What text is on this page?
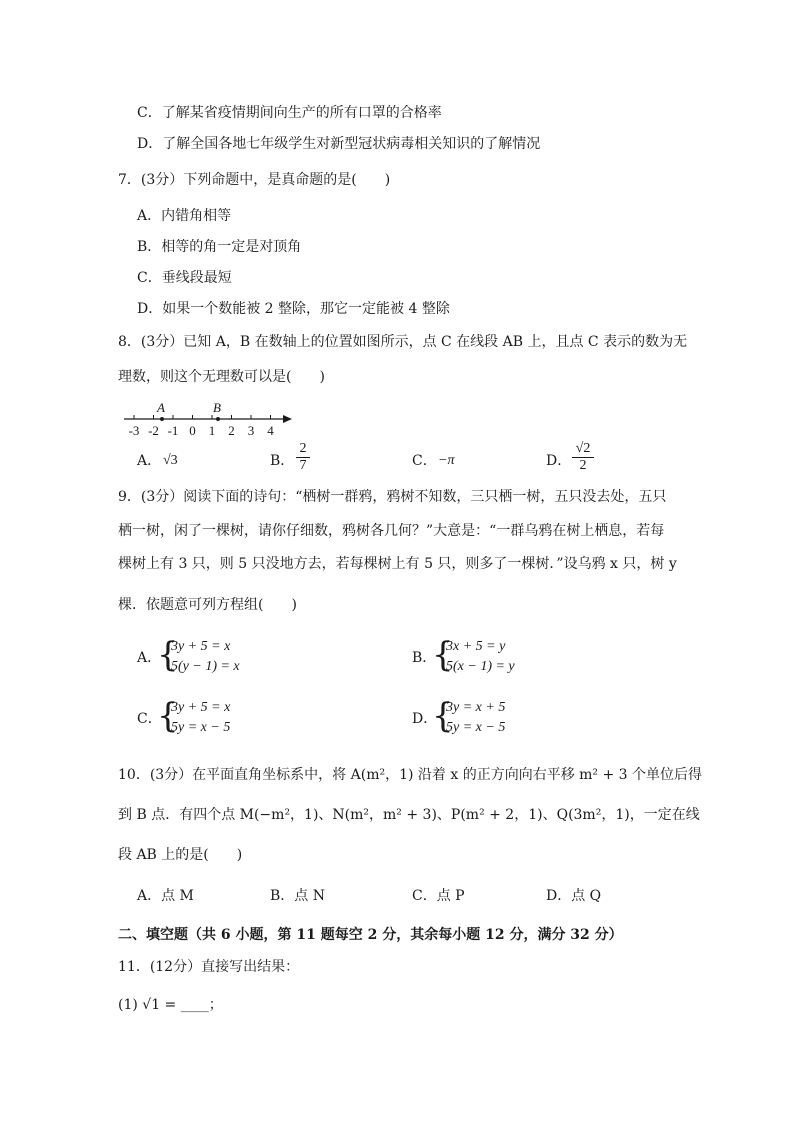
C．了解某省疫情期间向生产的所有口罩的合格率
D．了解全国各地七年级学生对新型冠状病毒相关知识的了解情况
7．(3分）下列命题中，是真命题的是(　　)
A．内错角相等
B．相等的角一定是对顶角
C．垂线段最短
D．如果一个数能被 2 整除，那它一定能被 4 整除
8．(3分）已知 A，B 在数轴上的位置如图所示，点 C 在线段 AB 上，且点 C 表示的数为无
理数，则这个无理数可以是(　　)
-3 -2 -1 0 1 2 3 4
A	B
A． √3	B．
2
7	C． −π	D．
√2
2
9．(3分）阅读下面的诗句：“栖树一群鸦，鸦树不知数，三只栖一树，五只没去处，五只
栖一树，闲了一棵树，请你仔细数，鸦树各几何？”大意是：“一群乌鸦在树上栖息，若每
棵树上有 3 只，则 5 只没地方去，若每棵树上有 5 只，则多了一棵树．”设乌鸦 x 只，树 y
棵．依题意可列方程组(　　)
A．
{
3y + 5 = x
5(y − 1) = x
B．
{
3x + 5 = y
5(x − 1) = y
C．
{
3y + 5 = x
5y = x − 5
D．
{
3y = x + 5
5y = x − 5
10．(3分）在平面直角坐标系中，将 A(m²，1) 沿着 x 的正方向向右平移 m² + 3 个单位后得
到 B 点．有四个点 M(−m²，1)、N(m²，m² + 3)、P(m² + 2，1)、Q(3m²，1)，一定在线
段 AB 上的是(　　)
A．点 M	B．点 N	C．点 P	D．点 Q
二、填空题（共 6 小题，第 11 题每空 2 分，其余每小题 12 分，满分 32 分）
11．(12分）直接写出结果：
(1) √1 = ____；
